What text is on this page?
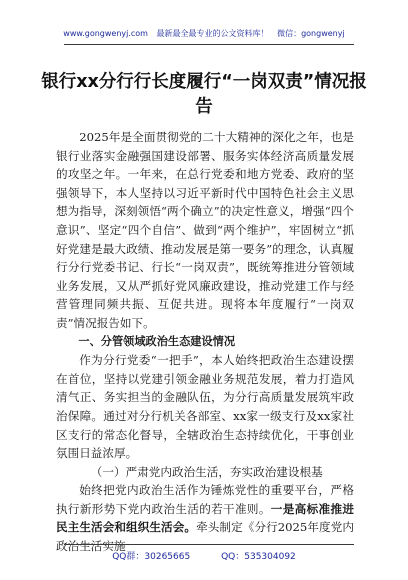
www.gongwenyj.com 最新最全最专业的公文资料库！ 微信：gongwenyj
银行xx分行行长度履行“一岗双责”情况报告

2025年是全面贯彻党的二十大精神的深化之年，也是银行业落实金融强国建设部署、服务实体经济高质量发展的攻坚之年。一年来，在总行党委和地方党委、政府的坚强领导下，本人坚持以习近平新时代中国特色社会主义思想为指导，深刻领悟“两个确立”的决定性意义，增强“四个意识”、坚定“四个自信”、做到“两个维护”，牢固树立“抓好党建是最大政绩、推动发展是第一要务”的理念，认真履行分行党委书记、行长“一岗双责”，既统筹推进分管领域业务发展，又从严抓好党风廉政建设，推动党建工作与经营管理同频共振、互促共进。现将本年度履行“一岗双责”情况报告如下。

一、分管领域政治生态建设情况

作为分行党委“一把手”，本人始终把政治生态建设摆在首位，坚持以党建引领金融业务规范发展，着力打造风清气正、务实担当的金融队伍，为分行高质量发展筑牢政治保障。通过对分行机关各部室、xx家一级支行及xx家社区支行的常态化督导，全辖政治生态持续优化，干事创业氛围日益浓厚。

（一）严肃党内政治生活，夯实政治建设根基

始终把党内政治生活作为锤炼党性的重要平台，严格执行新形势下党内政治生活的若干准则。一是高标准推进民主生活会和组织生活会。牵头制定《分行2025年度党内政治生活实施

QQ群：30265665	QQ：535304092
